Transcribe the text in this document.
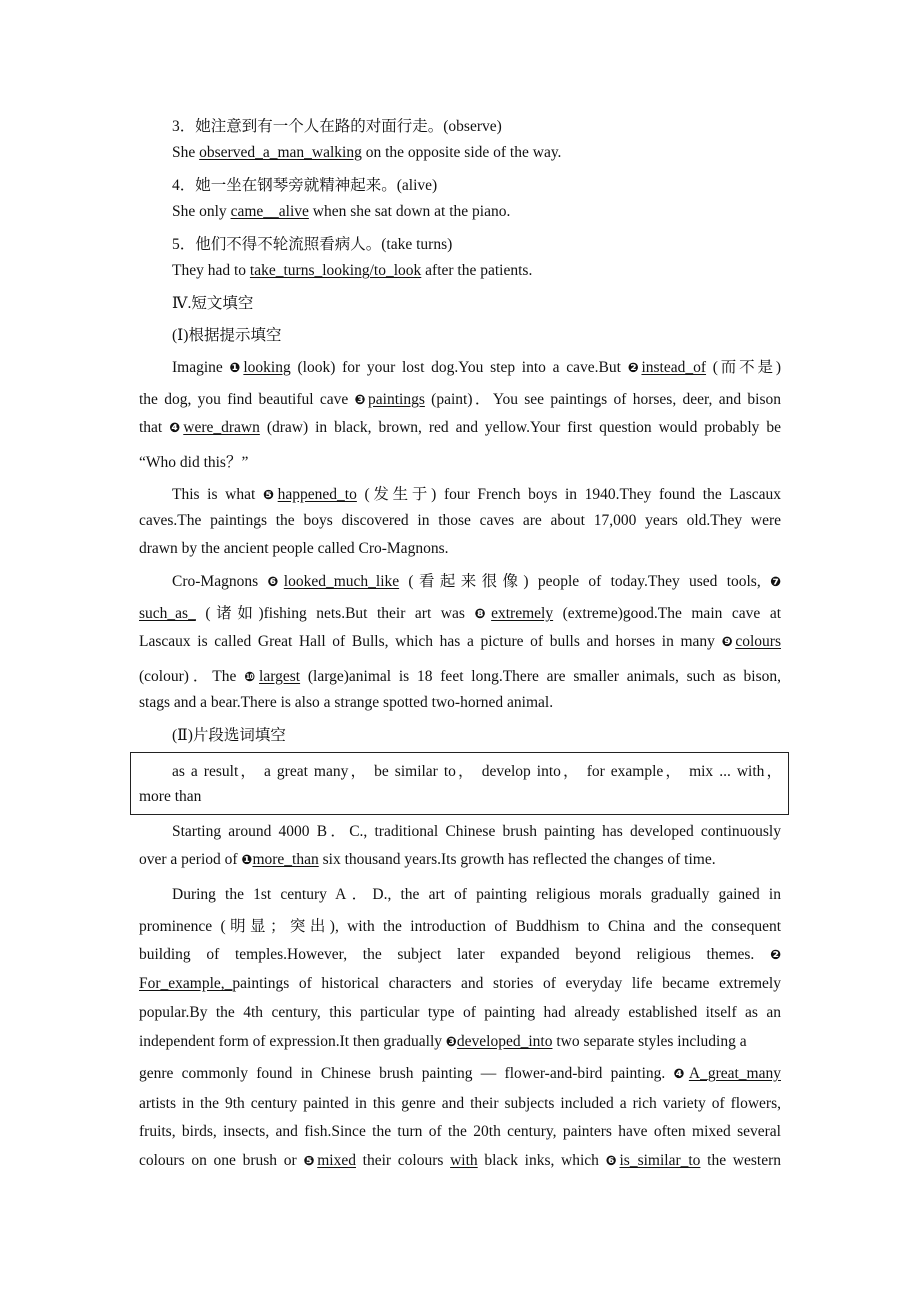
3．她注意到有一个人在路的对面行走。(observe)
She observed_a_man_walking on the opposite side of the way.
4．她一坐在钢琴旁就精神起来。(alive)
She only came__alive when she sat down at the piano.
5．他们不得不轮流照看病人。(take turns)
They had to take_turns_looking/to_look after the patients.
Ⅳ.短文填空
(Ⅰ)根据提示填空
Imagine ❶looking (look) for your lost dog.You step into a cave.But ❷instead_of (而不是)
the dog, you find beautiful cave ❸paintings (paint)．You see paintings of horses, deer, and bison
that ❹were_drawn (draw) in black, brown, red and yellow.Your first question would probably be
“Who did this？”
This is what ❺happened_to (发生于) four French boys in 1940.They found the Lascaux
caves.The paintings the boys discovered in those caves are about 17,000 years old.They were
drawn by the ancient people called Cro-Magnons.
Cro-Magnons ❻looked_much_like (看起来很像) people of today.They used tools, ❼
such_as_ (诸如)fishing nets.But their art was ❽extremely (extreme)good.The main cave at
Lascaux is called Great Hall of Bulls, which has a picture of bulls and horses in many ❾colours
(colour)．The ❿largest (large)animal is 18 feet long.There are smaller animals, such as bison,
stags and a bear.There is also a strange spotted two-horned animal.
(Ⅱ)片段选词填空
as a result， a great many， be similar to， develop into， for example， mix ... with，
more than
Starting around 4000 B．C., traditional Chinese brush painting has developed continuously
over a period of ❶more_than six thousand years.Its growth has reflected the changes of time.
During the 1st century A．D., the art of painting religious morals gradually gained in
prominence (明显；突出), with the introduction of Buddhism to China and the consequent
building of temples.However, the subject later expanded beyond religious themes. ❷
For_example,_paintings of historical characters and stories of everyday life became extremely
popular.By the 4th century, this particular type of painting had already established itself as an
independent form of expression.It then gradually ❸developed_into two separate styles including a
genre commonly found in Chinese brush painting — flower-and-bird painting. ❹A_great_many
artists in the 9th century painted in this genre and their subjects included a rich variety of flowers,
fruits, birds, insects, and fish.Since the turn of the 20th century, painters have often mixed several
colours on one brush or ❺mixed their colours with black inks, which ❻is_similar_to the western
